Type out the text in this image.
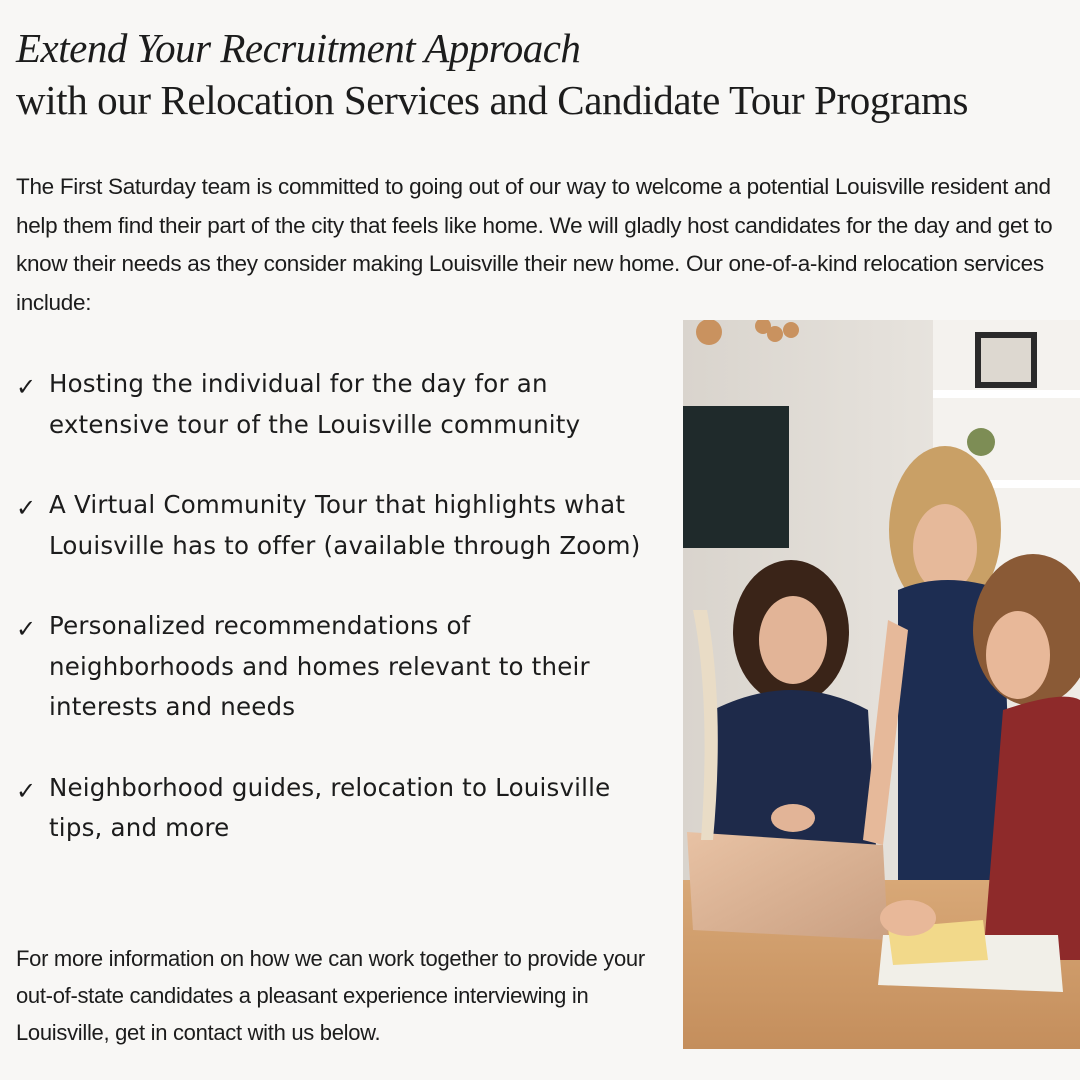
Extend Your Recruitment Approach
with our Relocation Services and Candidate Tour Programs

The First Saturday team is committed to going out of our way to welcome a potential Louisville resident and help them find their part of the city that feels like home. We will gladly host candidates for the day and get to know their needs as they consider making Louisville their new home. Our one-of-a-kind relocation services include:

✓ Hosting the individual for the day for an extensive tour of the Louisville community
✓ A Virtual Community Tour that highlights what Louisville has to offer (available through Zoom)
✓ Personalized recommendations of neighborhoods and homes relevant to their interests and needs
✓ Neighborhood guides, relocation to Louisville tips, and more

For more information on how we can work together to provide your out-of-state candidates a pleasant experience interviewing in Louisville, get in contact with us below.
